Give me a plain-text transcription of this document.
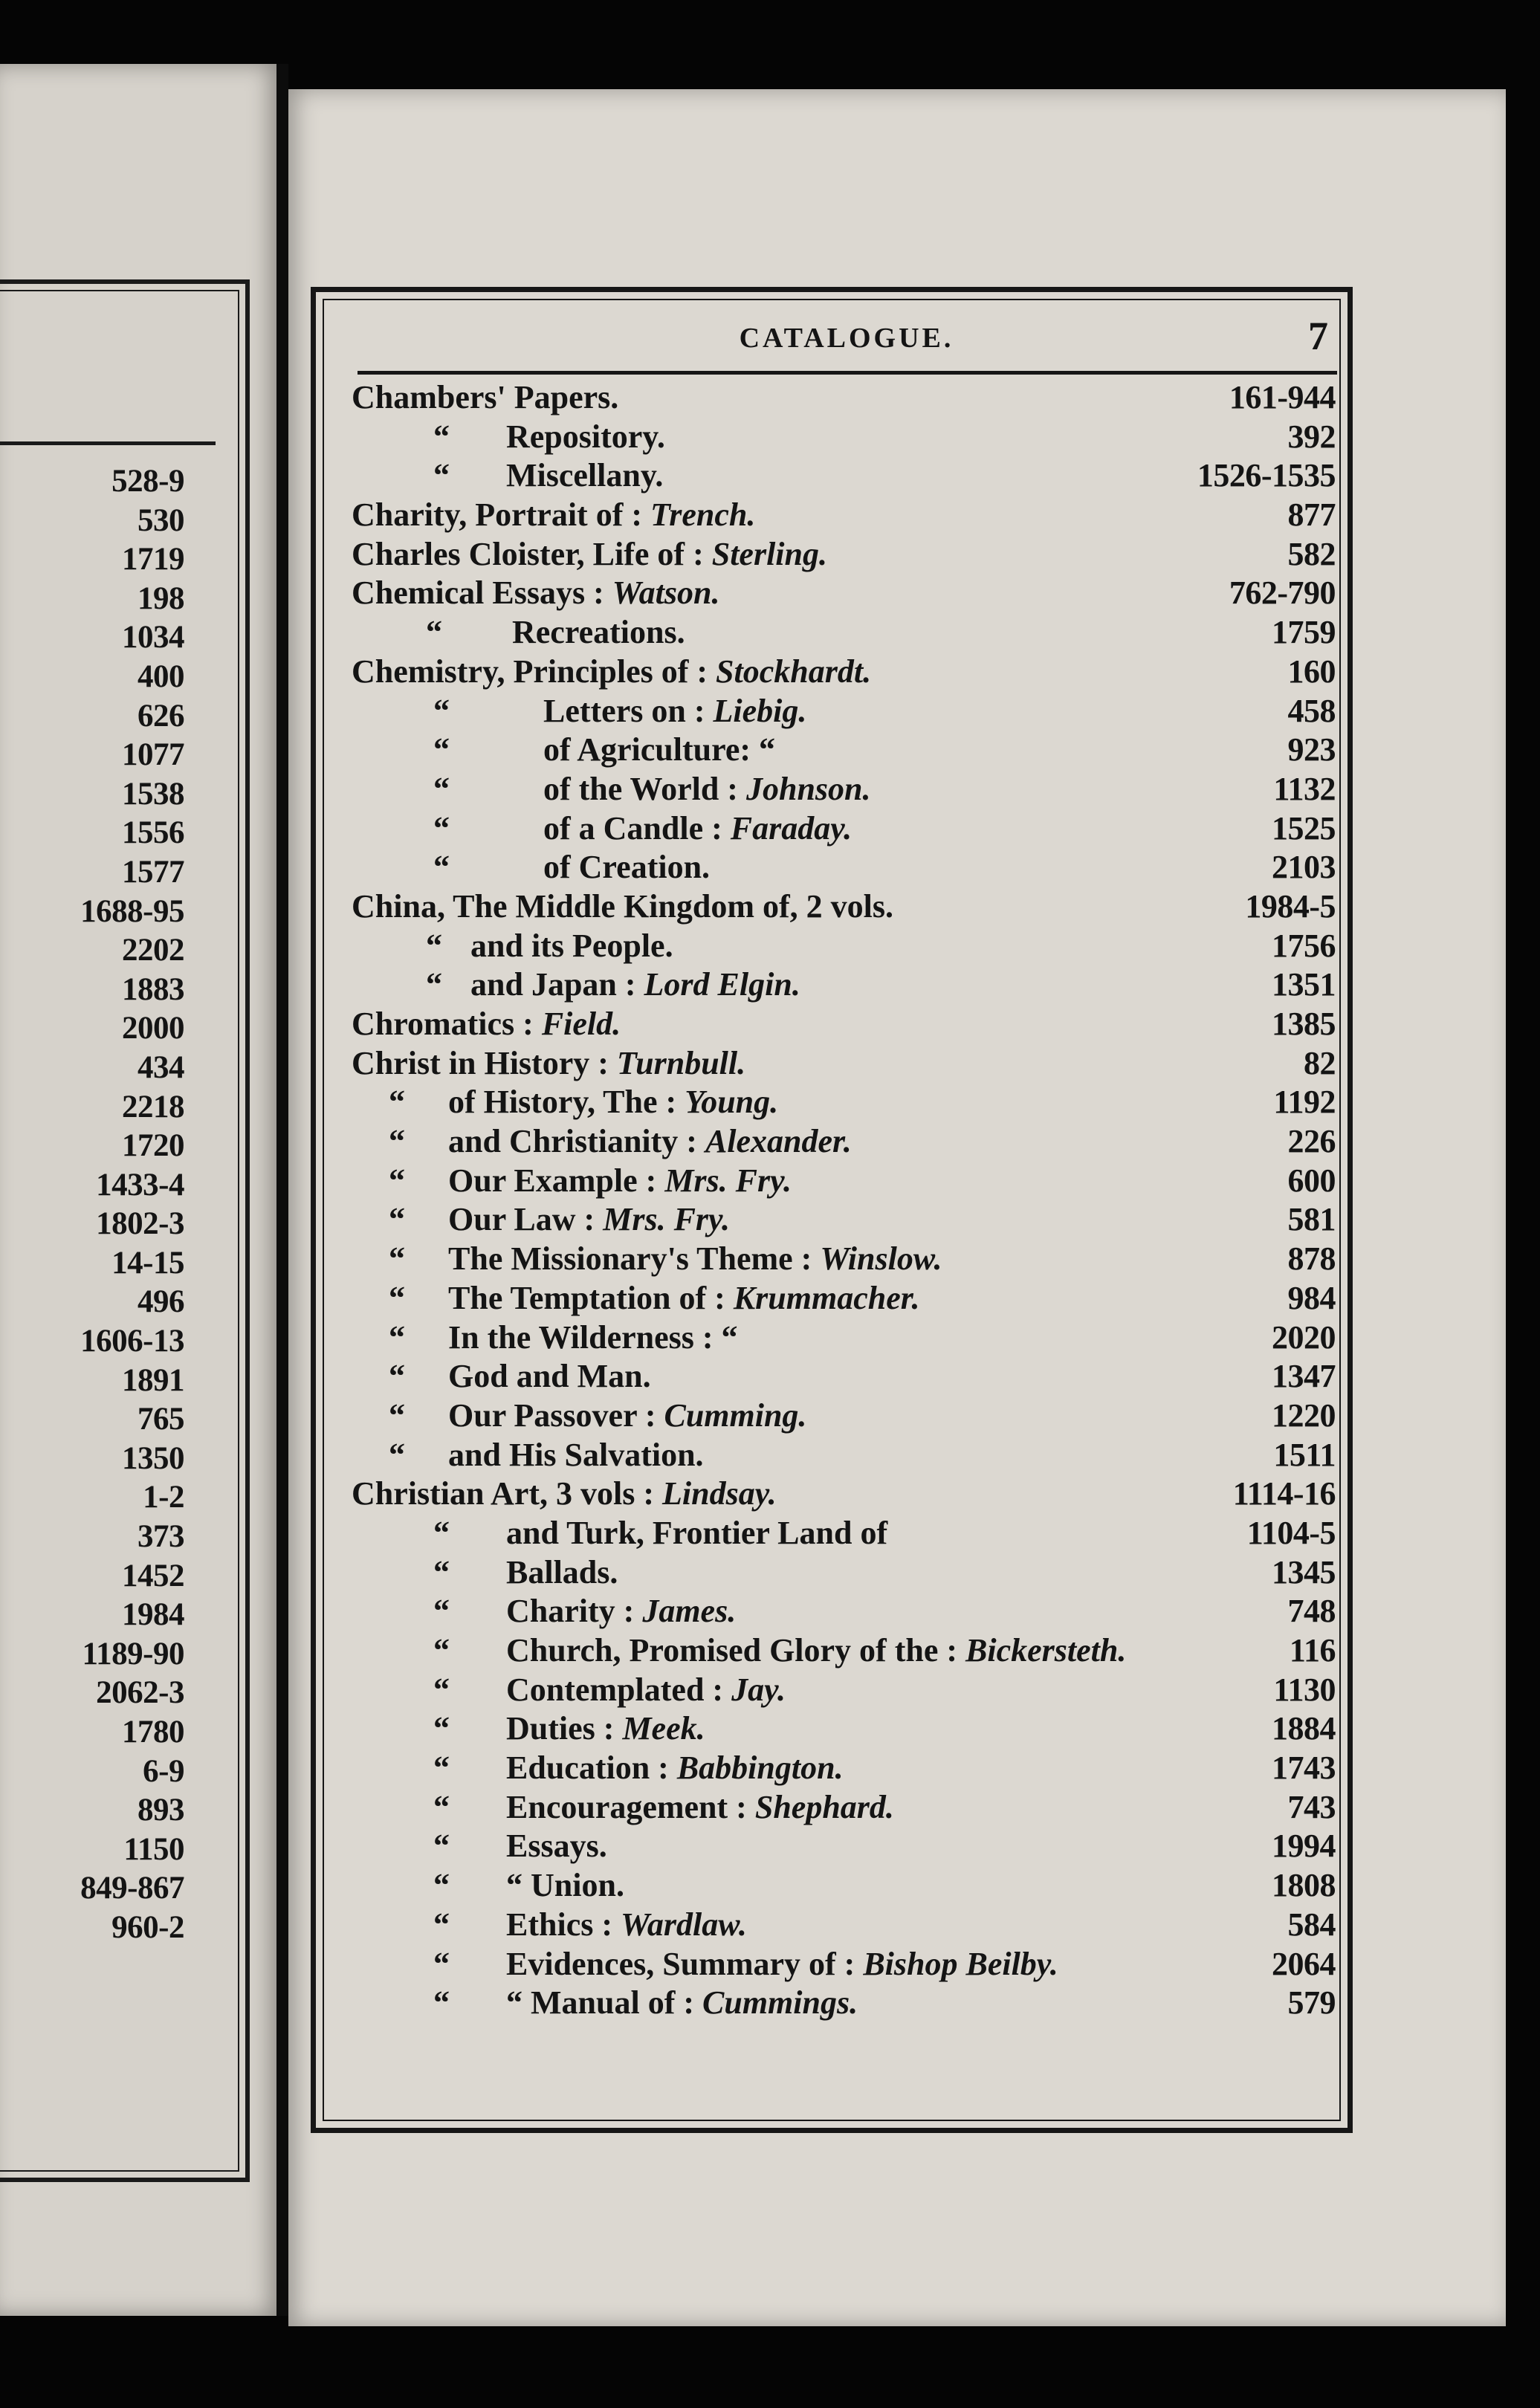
528-9
530
1719
198
1034
400
626
1077
1538
1556
1577
1688-95
2202
1883
2000
434
2218
1720
1433-4
1802-3
14-15
496
1606-13
1891
765
1350
1-2
373
1452
1984
1189-90
2062-3
1780
6-9
893
1150
849-867
960-2
CATALOGUE.	7
Chambers' Papers.	161-944
“ Repository.	392
“ Miscellany.	1526-1535
Charity, Portrait of : Trench.	877
Charles Cloister, Life of : Sterling.	582
Chemical Essays : Watson.	762-790
“ Recreations.	1759
Chemistry, Principles of : Stockhardt.	160
“	Letters on : Liebig.	458
“	of Agriculture: “	923
“	of the World : Johnson.	1132
“	of a Candle : Faraday.	1525
“	of Creation.	2103
China, The Middle Kingdom of, 2 vols.	1984-5
“ and its People.	1756
“ and Japan : Lord Elgin.	1351
Chromatics : Field.	1385
Christ in History : Turnbull.	82
“ of History, The : Young.	1192
“ and Christianity : Alexander.	226
“ Our Example : Mrs. Fry.	600
“ Our Law : Mrs. Fry.	581
“ The Missionary's Theme : Winslow.	878
“ The Temptation of : Krummacher.	984
“ In the Wilderness : “	2020
“ God and Man.	1347
“ Our Passover : Cumming.	1220
“ and His Salvation.	1511
Christian Art, 3 vols : Lindsay.	1114-16
“ and Turk, Frontier Land of	1104-5
“ Ballads.	1345
“ Charity : James.	748
“ Church, Promised Glory of the : Bickersteth.	116
“ Contemplated : Jay.	1130
“ Duties : Meek.	1884
“ Education : Babbington.	1743
“ Encouragement : Shephard.	743
“ Essays.	1994
“ “ Union.	1808
“ Ethics : Wardlaw.	584
“ Evidences, Summary of : Bishop Beilby.	2064
“ “ Manual of : Cummings.	579
